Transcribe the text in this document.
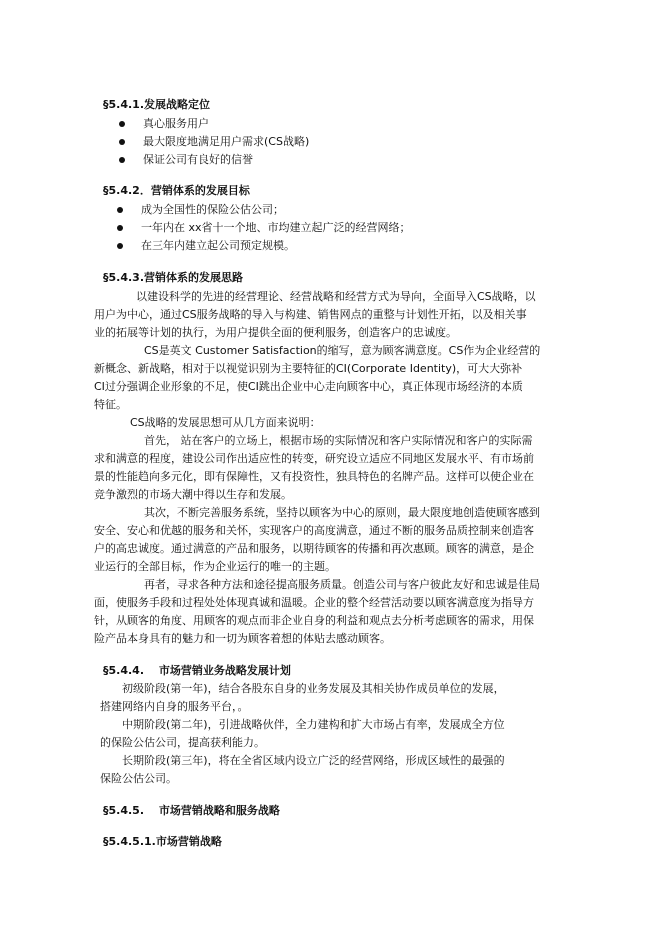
§5.4.1.发展战略定位
真心服务用户
最大限度地满足用户需求(CS战略)
保证公司有良好的信誉
§5.4.2．营销体系的发展目标
成为全国性的保险公估公司；
一年内在 xx省十一个地、市均建立起广泛的经营网络；
在三年内建立起公司预定规模。
§5.4.3.营销体系的发展思路
以建设科学的先进的经营理论、经营战略和经营方式为导向，全面导入CS战略，以
用户为中心，通过CS服务战略的导入与构建、销售网点的重整与计划性开拓，以及相关事
业的拓展等计划的执行，为用户提供全面的便利服务，创造客户的忠诚度。
CS是英文 Customer Satisfaction的缩写，意为顾客满意度。CS作为企业经营的
新概念、新战略，相对于以视觉识别为主要特征的CI(Corporate Identity)，可大大弥补
CI过分强调企业形象的不足，使CI跳出企业中心走向顾客中心，真正体现市场经济的本质
特征。
CS战略的发展思想可从几方面来说明：
首先， 站在客户的立场上，根据市场的实际情况和客户实际情况和客户的实际需
求和满意的程度，建设公司作出适应性的转变，研究设立适应不同地区发展水平、有市场前
景的性能趋向多元化，即有保障性，又有投资性，独具特色的名牌产品。这样可以使企业在
竞争激烈的市场大潮中得以生存和发展。
其次，不断完善服务系统，坚持以顾客为中心的原则，最大限度地创造使顾客感到
安全、安心和优越的服务和关怀，实现客户的高度满意，通过不断的服务品质控制来创造客
户的高忠诚度。通过满意的产品和服务，以期待顾客的传播和再次惠顾。顾客的满意，是企
业运行的全部目标，作为企业运行的唯一的主题。
再者，寻求各种方法和途径提高服务质量。创造公司与客户彼此友好和忠诚是佳局
面，使服务手段和过程处处体现真诚和温暖。企业的整个经营活动要以顾客满意度为指导方
针，从顾客的角度、用顾客的观点而非企业自身的利益和观点去分析考虑顾客的需求，用保
险产品本身具有的魅力和一切为顾客着想的体贴去感动顾客。
§5.4.4.　 市场营销业务战略发展计划
初级阶段(第一年)，结合各股东自身的业务发展及其相关协作成员单位的发展，
搭建网络内自身的服务平台，。
中期阶段(第二年)，引进战略伙伴，全力建构和扩大市场占有率，发展成全方位
的保险公估公司，提高获利能力。
长期阶段(第三年)，将在全省区域内设立广泛的经营网络，形成区域性的最强的
保险公估公司。
§5.4.5.　 市场营销战略和服务战略
§5.4.5.1.市场营销战略
